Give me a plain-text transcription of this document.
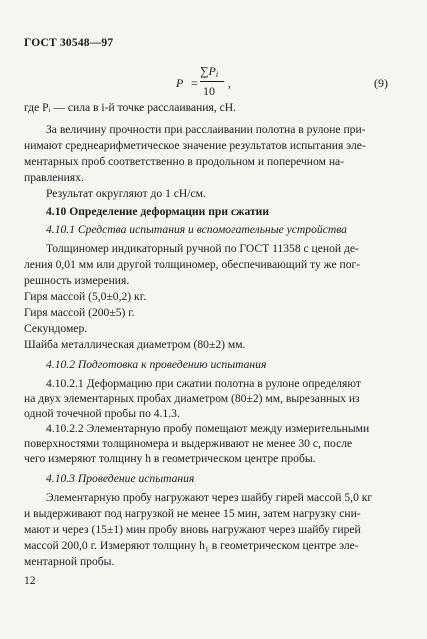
ГОСТ 30548—97
P =
$\sum P_i$
10
,	(9)
где Pᵢ — сила в i-й точке расслаивания, сН.
За величину прочности при расслаивании полотна в рулоне при-
нимают среднеарифметическое значение результатов испытания эле-
ментарных проб соответственно в продольном и поперечном на-
правлениях.
Результат округляют до 1 сН/см.
4.10 Определение деформации при сжатии
4.10.1 Средства испытания и вспомогательные устройства
Толщиномер индикаторный ручной по ГОСТ 11358 с ценой де-
ления 0,01 мм или другой толщиномер, обеспечивающий ту же пог-
решность измерения.
Гиря массой (5,0±0,2) кг.
Гиря массой (200±5) г.
Секундомер.
Шайба металлическая диаметром (80±2) мм.
4.10.2 Подготовка к проведению испытания
4.10.2.1 Деформацию при сжатии полотна в рулоне определяют
на двух элементарных пробах диаметром (80±2) мм, вырезанных из
одной точечной пробы по 4.1.3.
4.10.2.2 Элементарную пробу помещают между измерительными
поверхностями толщиномера и выдерживают не менее 30 с, после
чего измеряют толщину h в геометрическом центре пробы.
4.10.3 Проведение испытания
Элементарную пробу нагружают через шайбу гирей массой 5,0 кг
и выдерживают под нагрузкой не менее 15 мин, затем нагрузку сни-
мают и через (15±1) мин пробу вновь нагружают через шайбу гирей
массой 200,0 г. Измеряют толщину h₁ в геометрическом центре эле-
ментарной пробы.
12
